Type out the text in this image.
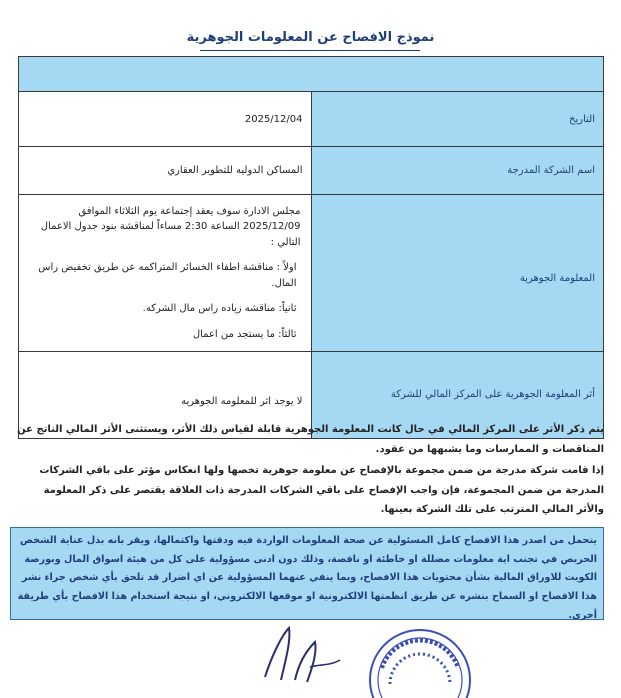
نموذج الافصاح عن المعلومات الجوهرية

التاريخ	2025/12/04
اسم الشركة المدرجة	المساكن الدوليه للتطوير العقاري
المعلومة الجوهرية	مجلس الادارة سوف يعقد إجتماعة يوم الثلاثاء الموافق 2025/12/09 الساعة 2:30 مساءاً لمناقشة بنود جدول الاعمال التالي :
اولاً : مناقشة اطفاء الخسائر المتراكمه عن طريق تخفيض راس المال.
ثانياً: مناقشه زياده راس مال الشركه.
ثالثاً: ما يستجد من اعمال

أثر المعلومة الجوهرية على المركز المالي للشركة	لا يوجد اثر للمعلومه الجوهريه

يتم ذكر الأثر على المركز المالي في حال كانت المعلومة الجوهرية قابلة لقياس ذلك الأثر، ويستثنى الأثر المالي الناتج عن المناقصات و الممارسات وما يشبهها من عقود.

إذا قامت شركة مدرجة من ضمن مجموعة بالإفصاح عن معلومة جوهرية تخصها ولها انعكاس مؤثر على باقي الشركات المدرجة من ضمن المجموعة، فإن واجب الإفصاح على باقي الشركات المدرجة ذات العلاقة يقتصر على ذكر المعلومة والأثر المالي المترتب على تلك الشركة بعينها.

يتحمل من اصدر هذا الافصاح كامل المسئولية عن صحة المعلومات الواردة فيه ودقتها واكتمالها، ويقر بانه بذل عناية الشخص الحريص في تجنب اية معلومات مضللة او خاطئة او ناقصة، وذلك دون ادنى مسؤولية على كل من هيئة اسواق المال وبورصة الكويت للاوراق المالية بشأن محتويات هذا الافصاح، وبما ينفي عنهما المسؤولية عن اي اضرار قد تلحق بأي شخص جراء نشر هذا الافصاح او السماح بنشره عن طريق انظمتها الالكترونية او موقعها الالكتروني، او نتيجة استخدام هذا الافصاح بأي طريقة أخرى.
